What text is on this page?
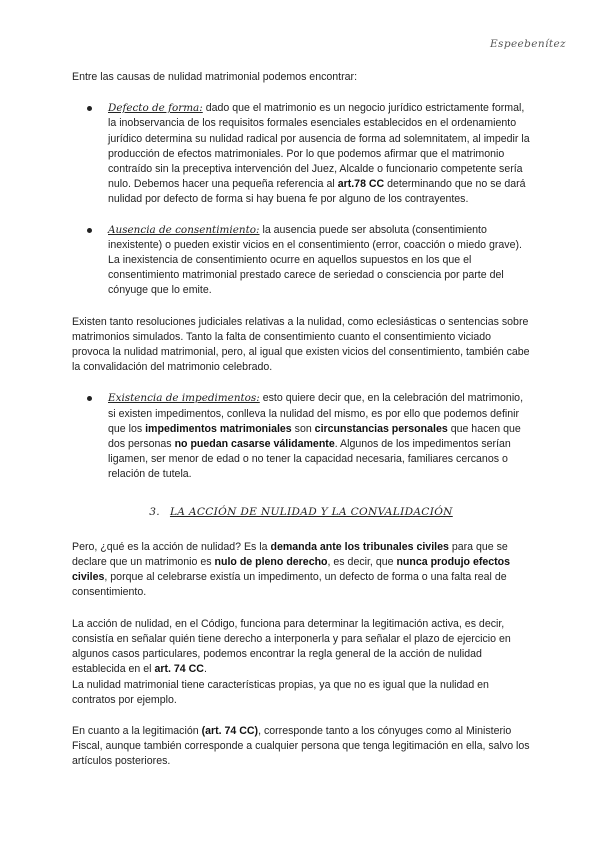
Espeebenítez

Entre las causas de nulidad matrimonial podemos encontrar:

Defecto de forma: dado que el matrimonio es un negocio jurídico estrictamente formal, la inobservancia de los requisitos formales esenciales establecidos en el ordenamiento jurídico determina su nulidad radical por ausencia de forma ad solemnitatem, al impedir la producción de efectos matrimoniales. Por lo que podemos afirmar que el matrimonio contraído sin la preceptiva intervención del Juez, Alcalde o funcionario competente sería nulo. Debemos hacer una pequeña referencia al art.78 CC determinando que no se dará nulidad por defecto de forma si hay buena fe por alguno de los contrayentes.
Ausencia de consentimiento: la ausencia puede ser absoluta (consentimiento inexistente) o pueden existir vicios en el consentimiento (error, coacción o miedo grave). La inexistencia de consentimiento ocurre en aquellos supuestos en los que el consentimiento matrimonial prestado carece de seriedad o consciencia por parte del cónyuge que lo emite.

Existen tanto resoluciones judiciales relativas a la nulidad, como eclesiásticas o sentencias sobre matrimonios simulados. Tanto la falta de consentimiento cuanto el consentimiento viciado provoca la nulidad matrimonial, pero, al igual que existen vicios del consentimiento, también cabe la convalidación del matrimonio celebrado.

Existencia de impedimentos: esto quiere decir que, en la celebración del matrimonio, si existen impedimentos, conlleva la nulidad del mismo, es por ello que podemos definir que los impedimentos matrimoniales son circunstancias personales que hacen que dos personas no puedan casarse válidamente. Algunos de los impedimentos serían ligamen, ser menor de edad o no tener la capacidad necesaria, familiares cercanos o relación de tutela.
3. LA ACCIÓN DE NULIDAD Y LA CONVALIDACIÓN

Pero, ¿qué es la acción de nulidad? Es la demanda ante los tribunales civiles para que se declare que un matrimonio es nulo de pleno derecho, es decir, que nunca produjo efectos civiles, porque al celebrarse existía un impedimento, un defecto de forma o una falta real de consentimiento.

La acción de nulidad, en el Código, funciona para determinar la legitimación activa, es decir, consistía en señalar quién tiene derecho a interponerla y para señalar el plazo de ejercicio en algunos casos particulares, podemos encontrar la regla general de la acción de nulidad establecida en el art. 74 CC.

La nulidad matrimonial tiene características propias, ya que no es igual que la nulidad en contratos por ejemplo.

En cuanto a la legitimación (art. 74 CC), corresponde tanto a los cónyuges como al Ministerio Fiscal, aunque también corresponde a cualquier persona que tenga legitimación en ella, salvo los artículos posteriores.
